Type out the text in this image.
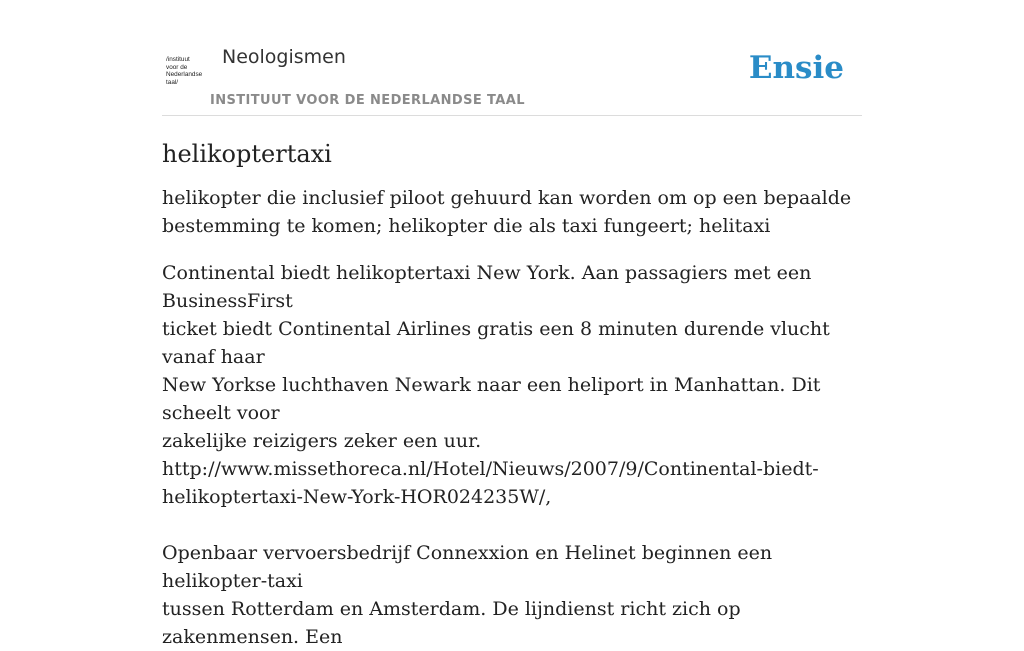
/instituut
voor de
Nederlandse
taal/
Neologismen
INSTITUUT VOOR DE NEDERLANDSE TAAL
Ensie
helikoptertaxi

helikopter die inclusief piloot gehuurd kan worden om op een bepaalde bestemming te komen; helikopter die als taxi fungeert; helitaxi

Continental biedt helikoptertaxi New York. Aan passagiers met een BusinessFirst
ticket biedt Continental Airlines gratis een 8 minuten durende vlucht vanaf haar
New Yorkse luchthaven Newark naar een heliport in Manhattan. Dit scheelt voor
zakelijke reizigers zeker een uur.
http://www.missethoreca.nl/Hotel/Nieuws/2007/9/Continental-biedt-
helikoptertaxi-New-York-HOR024235W/,
Openbaar vervoersbedrijf Connexxion en Helinet beginnen een helikopter-taxi
tussen Rotterdam en Amsterdam. De lijndienst richt zich op zakenmensen. Een
